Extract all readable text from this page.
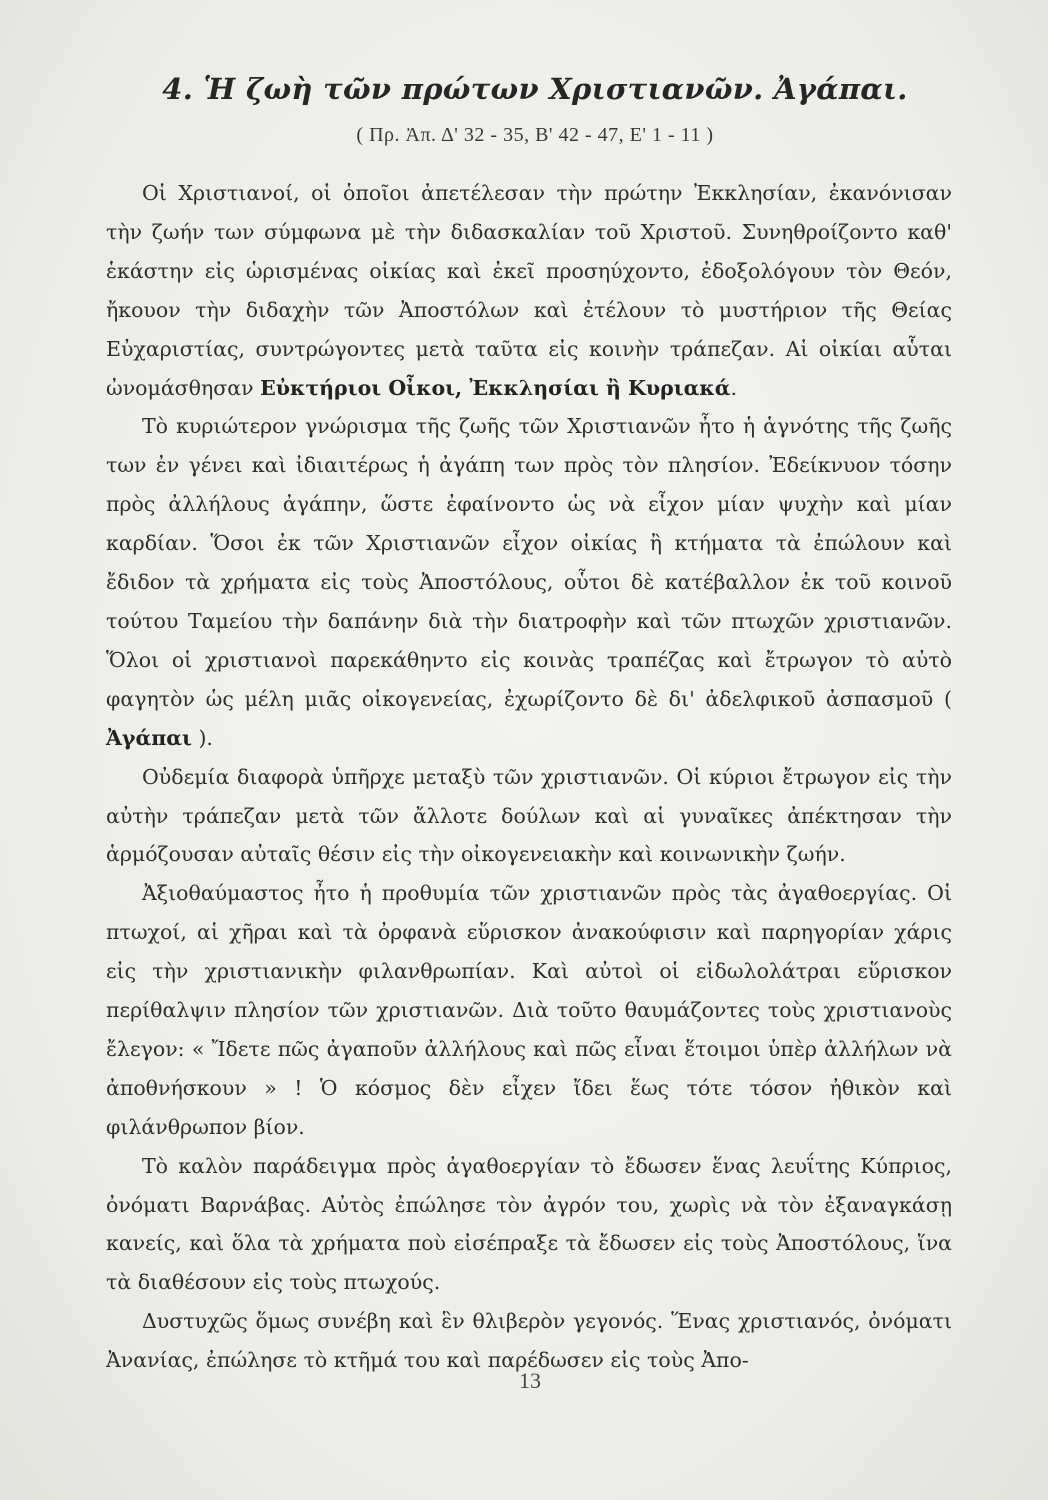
4. Ἡ ζωὴ τῶν πρώτων Χριστιανῶν. Ἀγάπαι.
( Πρ. Ἀπ. Δ' 32 - 35, Β' 42 - 47, Ε' 1 - 11 )

Οἱ Χριστιανοί, οἱ ὁποῖοι ἀπετέλεσαν τὴν πρώτην Ἐκκλησίαν, ἐκανόνισαν τὴν ζωήν των σύμφωνα μὲ τὴν διδασκαλίαν τοῦ Χριστοῦ. Συνηθροίζοντο καθ' ἑκάστην εἰς ὡρισμένας οἰκίας καὶ ἐκεῖ προσηύχοντο, ἐδοξολόγουν τὸν Θεόν, ἤκουον τὴν διδαχὴν τῶν Ἀποστόλων καὶ ἐτέλουν τὸ μυστήριον τῆς Θείας Εὐχαριστίας, συντρώγοντες μετὰ ταῦτα εἰς κοινὴν τράπεζαν. Αἱ οἰκίαι αὗται ὠνομάσθησαν Εὐκτήριοι Οἶκοι, Ἐκκλησίαι ἢ Κυριακά.

Τὸ κυριώτερον γνώρισμα τῆς ζωῆς τῶν Χριστιανῶν ἦτο ἡ ἁγνότης τῆς ζωῆς των ἐν γένει καὶ ἰδιαιτέρως ἡ ἀγάπη των πρὸς τὸν πλησίον. Ἐδείκνυον τόσην πρὸς ἀλλήλους ἀγάπην, ὥστε ἐφαίνοντο ὡς νὰ εἶχον μίαν ψυχὴν καὶ μίαν καρδίαν. Ὅσοι ἐκ τῶν Χριστιανῶν εἶχον οἰκίας ἢ κτήματα τὰ ἐπώλουν καὶ ἔδιδον τὰ χρήματα εἰς τοὺς Ἀποστόλους, οὗτοι δὲ κατέβαλλον ἐκ τοῦ κοινοῦ τούτου Ταμείου τὴν δαπάνην διὰ τὴν διατροφὴν καὶ τῶν πτωχῶν χριστιανῶν. Ὅλοι οἱ χριστιανοὶ παρεκάθηντο εἰς κοινὰς τραπέζας καὶ ἔτρωγον τὸ αὐτὸ φαγητὸν ὡς μέλη μιᾶς οἰκογενείας, ἐχωρίζοντο δὲ δι' ἀδελφικοῦ ἀσπασμοῦ ( Ἀγάπαι ).

Οὐδεμία διαφορὰ ὑπῆρχε μεταξὺ τῶν χριστιανῶν. Οἱ κύριοι ἔτρωγον εἰς τὴν αὐτὴν τράπεζαν μετὰ τῶν ἄλλοτε δούλων καὶ αἱ γυναῖκες ἀπέκτησαν τὴν ἁρμόζουσαν αὐταῖς θέσιν εἰς τὴν οἰκογενειακὴν καὶ κοινωνικὴν ζωήν.

Ἀξιοθαύμαστος ἦτο ἡ προθυμία τῶν χριστιανῶν πρὸς τὰς ἀγαθοεργίας. Οἱ πτωχοί, αἱ χῆραι καὶ τὰ ὀρφανὰ εὕρισκον ἀνακούφισιν καὶ παρηγορίαν χάρις εἰς τὴν χριστιανικὴν φιλανθρωπίαν. Καὶ αὐτοὶ οἱ εἰδωλολάτραι εὕρισκον περίθαλψιν πλησίον τῶν χριστιανῶν. Διὰ τοῦτο θαυμάζοντες τοὺς χριστιανοὺς ἔλεγον: « Ἴδετε πῶς ἀγαποῦν ἀλλήλους καὶ πῶς εἶναι ἕτοιμοι ὑπὲρ ἀλλήλων νὰ ἀποθνήσκουν » ! Ὁ κόσμος δὲν εἶχεν ἴδει ἕως τότε τόσον ἠθικὸν καὶ φιλάνθρωπον βίον.

Τὸ καλὸν παράδειγμα πρὸς ἀγαθοεργίαν τὸ ἔδωσεν ἕνας λευΐτης Κύπριος, ὀνόματι Βαρνάβας. Αὐτὸς ἐπώλησε τὸν ἀγρόν του, χωρὶς νὰ τὸν ἐξαναγκάσῃ κανείς, καὶ ὅλα τὰ χρήματα ποὺ εἰσέπραξε τὰ ἔδωσεν εἰς τοὺς Ἀποστόλους, ἵνα τὰ διαθέσουν εἰς τοὺς πτωχούς.

Δυστυχῶς ὅμως συνέβη καὶ ἓν θλιβερὸν γεγονός. Ἕνας χριστιανός, ὀνόματι Ἀνανίας, ἐπώλησε τὸ κτῆμά του καὶ παρέδωσεν εἰς τοὺς Ἀπο-

13
